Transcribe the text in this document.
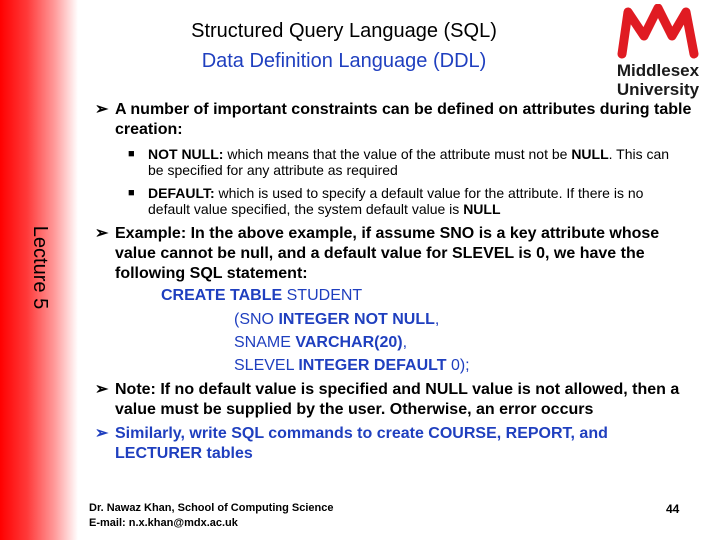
Lecture 5
Structured Query Language (SQL)
Data Definition Language (DDL)	Middlesex
University
➢ A number of important constraints can be defined on attributes during table creation:
■ NOT NULL: which means that the value of the attribute must not be NULL. This can be specified for any attribute as required
■ DEFAULT: which is used to specify a default value for the attribute. If there is no default value specified, the system default value is NULL
➢ Example: In the above example, if assume SNO is a key attribute whose value cannot be null, and a default value for SLEVEL is 0, we have the following SQL statement:
CREATE TABLE STUDENT
(SNO INTEGER NOT NULL,
SNAME VARCHAR(20),
SLEVEL INTEGER DEFAULT 0);
➢ Note: If no default value is specified and NULL value is not allowed, then a value must be supplied by the user. Otherwise, an error occurs
➢ Similarly, write SQL commands to create COURSE, REPORT, and LECTURER tables
Dr. Nawaz Khan, School of Computing Science
E-mail: n.x.khan@mdx.ac.uk
44
